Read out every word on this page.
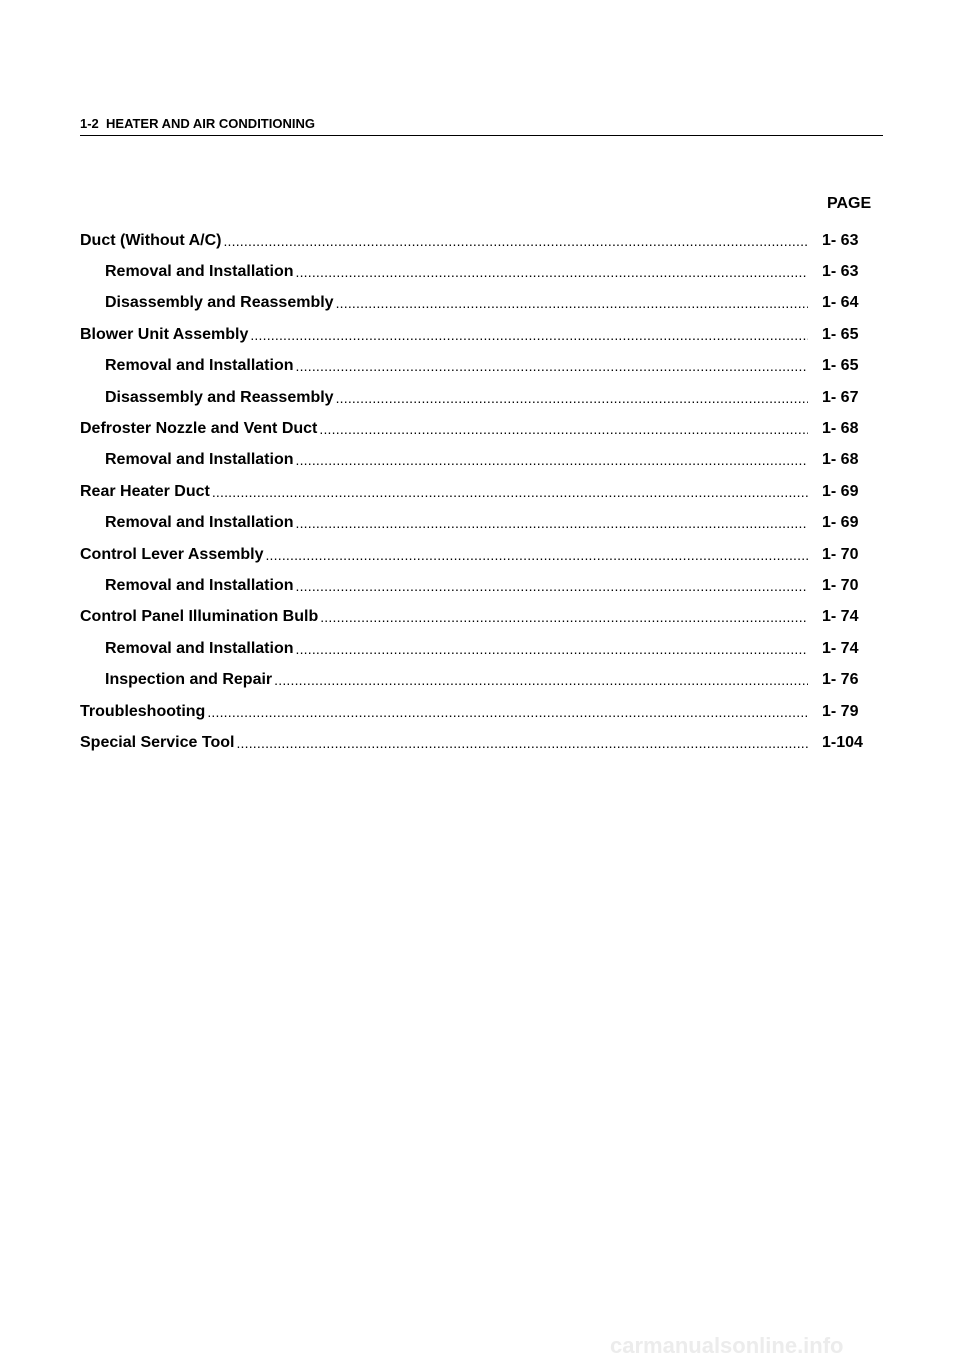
1-2  HEATER AND AIR CONDITIONING
PAGE
Duct (Without A/C) .....	1- 63
Removal and Installation .....	1- 63
Disassembly and Reassembly .....	1- 64
Blower Unit Assembly .....	1- 65
Removal and Installation .....	1- 65
Disassembly and Reassembly .....	1- 67
Defroster Nozzle and Vent Duct .....	1- 68
Removal and Installation .....	1- 68
Rear Heater Duct .....	1- 69
Removal and Installation .....	1- 69
Control Lever Assembly .....	1- 70
Removal and Installation .....	1- 70
Control Panel Illumination Bulb .....	1- 74
Removal and Installation .....	1- 74
Inspection and Repair .....	1- 76
Troubleshooting .....	1- 79
Special Service Tool .....	1-104
carmanualsonline.info
